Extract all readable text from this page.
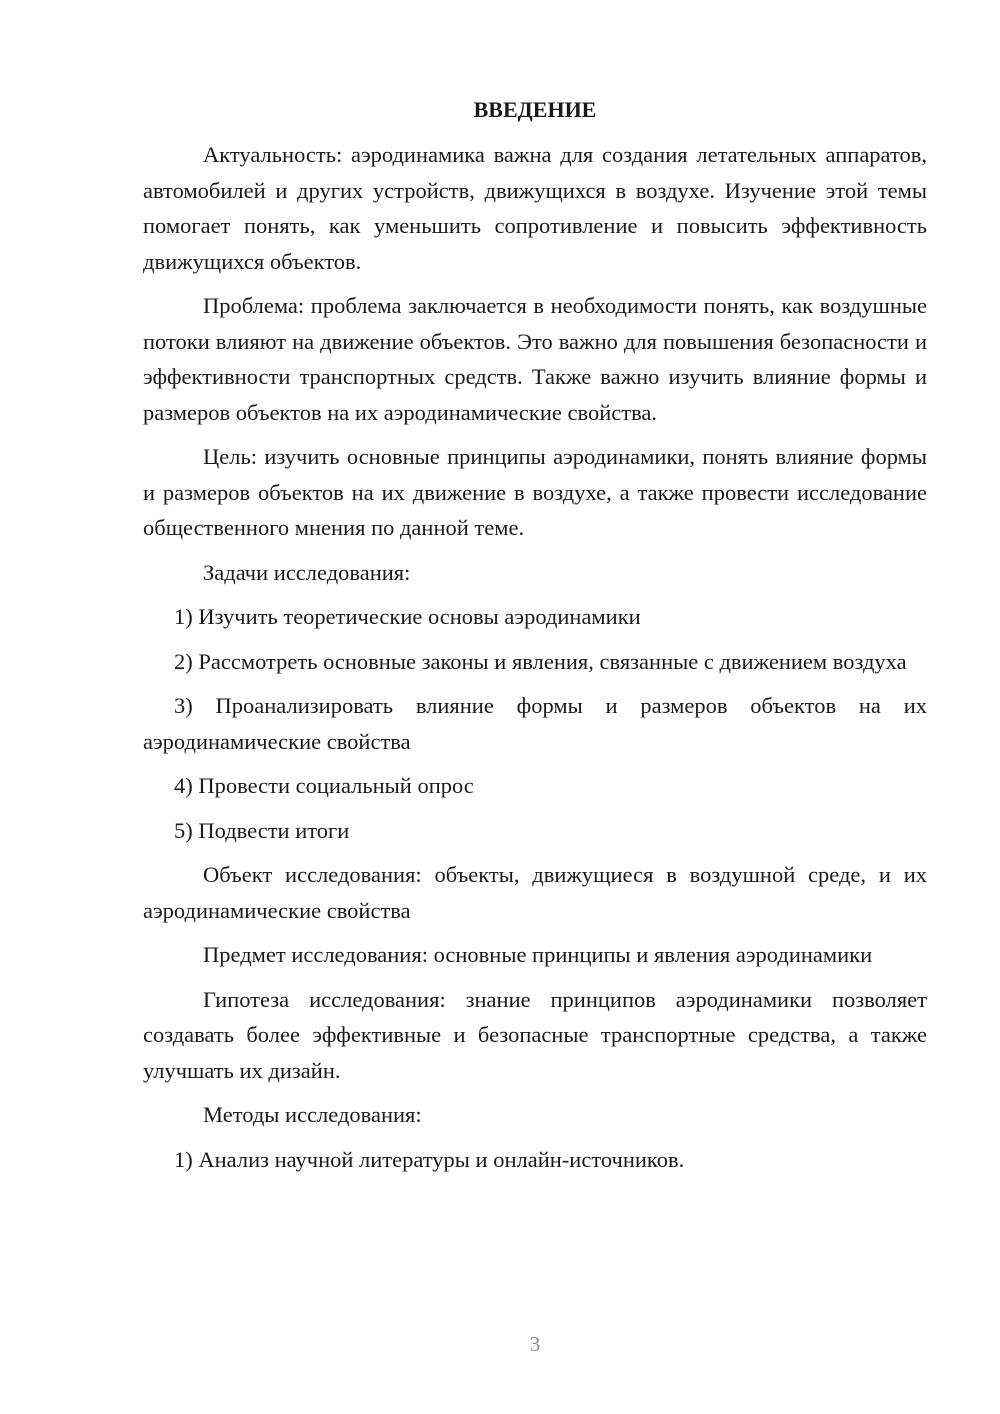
ВВЕДЕНИЕ
Актуальность: аэродинамика важна для создания летательных аппаратов, автомобилей и других устройств, движущихся в воздухе. Изучение этой темы помогает понять, как уменьшить сопротивление и повысить эффективность движущихся объектов.
Проблема: проблема заключается в необходимости понять, как воздушные потоки влияют на движение объектов. Это важно для повышения безопасности и эффективности транспортных средств. Также важно изучить влияние формы и размеров объектов на их аэродинамические свойства.
Цель: изучить основные принципы аэродинамики, понять влияние формы и размеров объектов на их движение в воздухе, а также провести исследование общественного мнения по данной теме.
Задачи исследования:
1) Изучить теоретические основы аэродинамики
2) Рассмотреть основные законы и явления, связанные с движением воздуха
3) Проанализировать влияние формы и размеров объектов на их аэродинамические свойства
4) Провести социальный опрос
5) Подвести итоги
Объект исследования: объекты, движущиеся в воздушной среде, и их аэродинамические свойства
Предмет исследования: основные принципы и явления аэродинамики
Гипотеза исследования: знание принципов аэродинамики позволяет создавать более эффективные и безопасные транспортные средства, а также улучшать их дизайн.
Методы исследования:
1) Анализ научной литературы и онлайн-источников.
3
